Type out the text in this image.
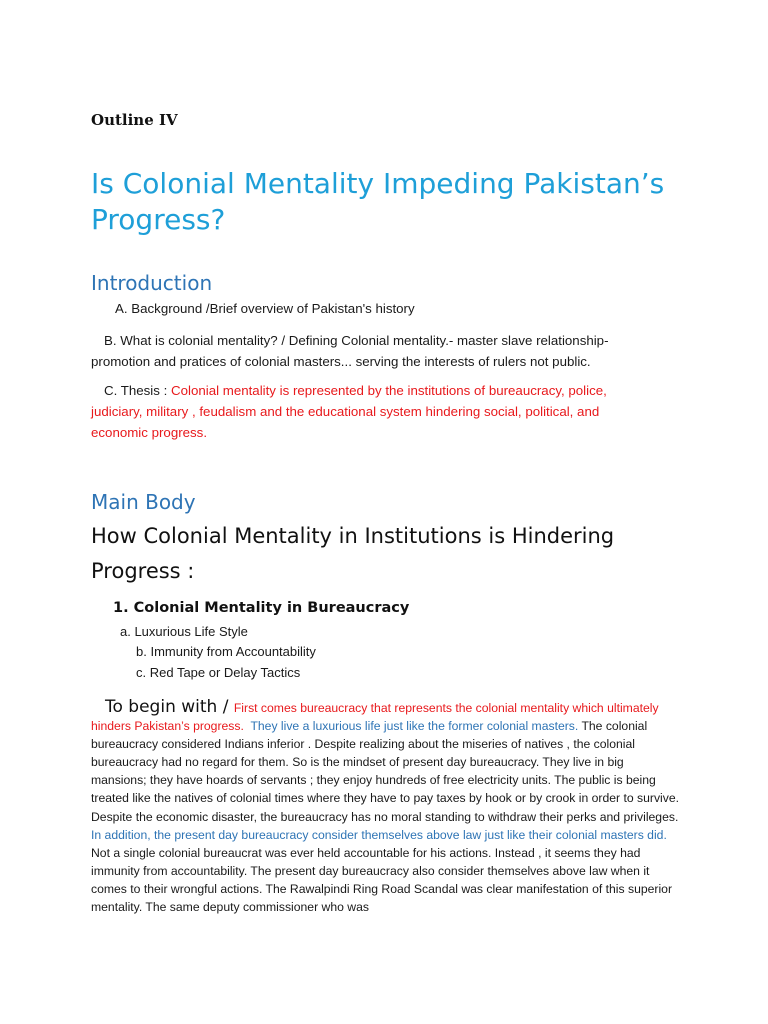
Outline IV
Is Colonial Mentality Impeding Pakistan’s Progress?
Introduction

A. Background /Brief overview of Pakistan's history

B. What is colonial mentality? / Defining Colonial mentality.- master slave relationship-promotion and pratices of colonial masters... serving the interests of rulers not public.

C. Thesis : Colonial mentality is represented by the institutions of bureaucracy, police, judiciary, military , feudalism and the educational system hindering social, political, and economic progress.

Main Body
How Colonial Mentality in Institutions is Hindering Progress :
1. Colonial Mentality in Bureaucracy
a. Luxurious Life Style
b. Immunity from Accountability
c. Red Tape or Delay Tactics

To begin with / First comes bureaucracy that represents the colonial mentality which ultimately hinders Pakistan’s progress. They live a luxurious life just like the former colonial masters. The colonial bureaucracy considered Indians inferior . Despite realizing about the miseries of natives , the colonial bureaucracy had no regard for them. So is the mindset of present day bureaucracy. They live in big mansions; they have hoards of servants ; they enjoy hundreds of free electricity units. The public is being treated like the natives of colonial times where they have to pay taxes by hook or by crook in order to survive. Despite the economic disaster, the bureaucracy has no moral standing to withdraw their perks and privileges. In addition, the present day bureaucracy consider themselves above law just like their colonial masters did. Not a single colonial bureaucrat was ever held accountable for his actions. Instead , it seems they had immunity from accountability. The present day bureaucracy also consider themselves above law when it comes to their wrongful actions. The Rawalpindi Ring Road Scandal was clear manifestation of this superior mentality. The same deputy commissioner who was
